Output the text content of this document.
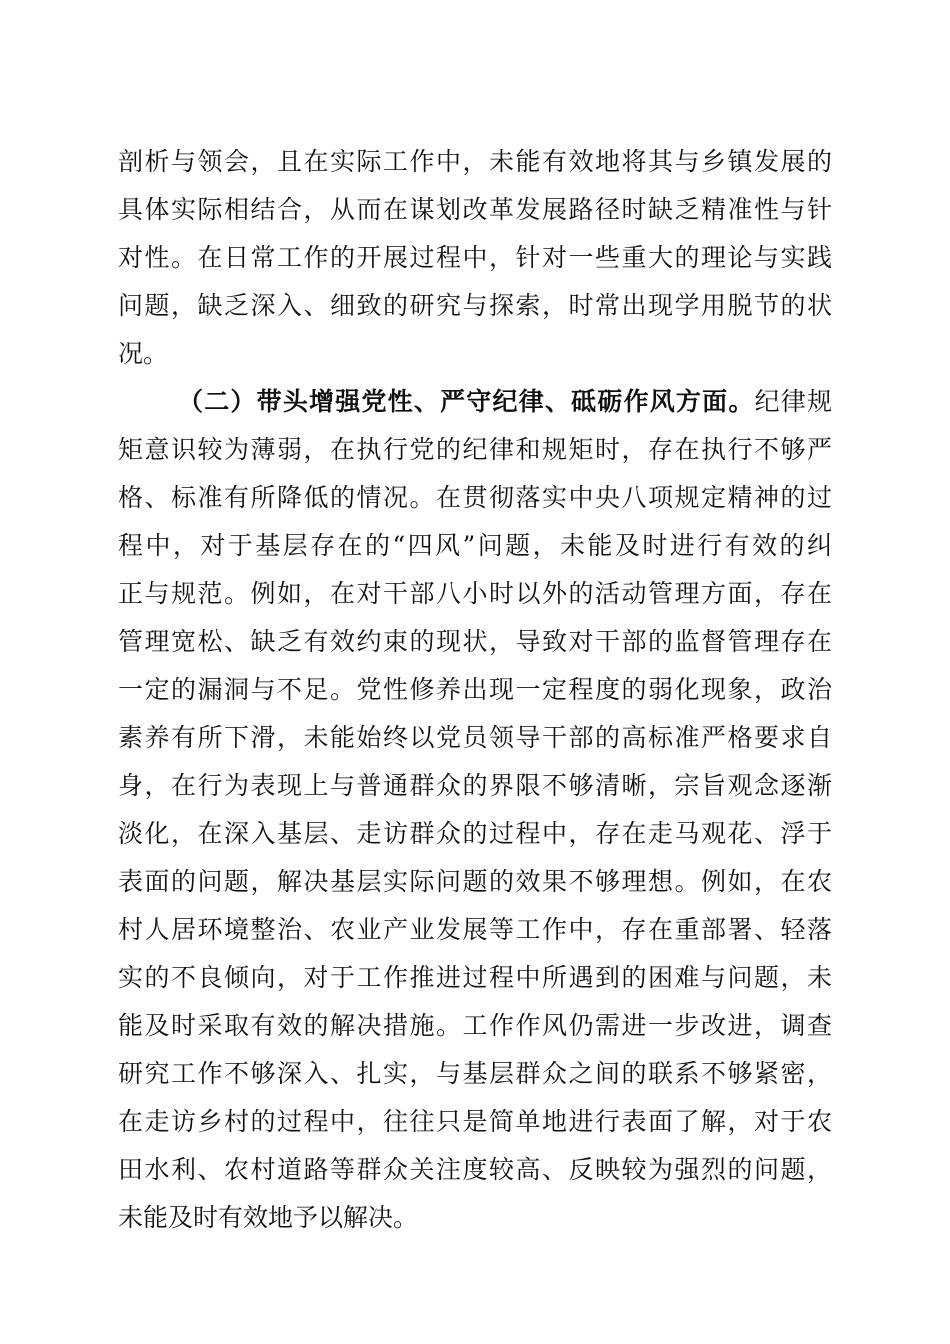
剖析与领会，且在实际工作中，未能有效地将其与乡镇发展的
具体实际相结合，从而在谋划改革发展路径时缺乏精准性与针
对性。在日常工作的开展过程中，针对一些重大的理论与实践
问题，缺乏深入、细致的研究与探索，时常出现学用脱节的状
况。
（二）带头增强党性、严守纪律、砥砺作风方面。纪律规
矩意识较为薄弱，在执行党的纪律和规矩时，存在执行不够严
格、标准有所降低的情况。在贯彻落实中央八项规定精神的过
程中，对于基层存在的“四风”问题，未能及时进行有效的纠
正与规范。例如，在对干部八小时以外的活动管理方面，存在
管理宽松、缺乏有效约束的现状，导致对干部的监督管理存在
一定的漏洞与不足。党性修养出现一定程度的弱化现象，政治
素养有所下滑，未能始终以党员领导干部的高标准严格要求自
身，在行为表现上与普通群众的界限不够清晰，宗旨观念逐渐
淡化，在深入基层、走访群众的过程中，存在走马观花、浮于
表面的问题，解决基层实际问题的效果不够理想。例如，在农
村人居环境整治、农业产业发展等工作中，存在重部署、轻落
实的不良倾向，对于工作推进过程中所遇到的困难与问题，未
能及时采取有效的解决措施。工作作风仍需进一步改进，调查
研究工作不够深入、扎实，与基层群众之间的联系不够紧密，
在走访乡村的过程中，往往只是简单地进行表面了解，对于农
田水利、农村道路等群众关注度较高、反映较为强烈的问题，
未能及时有效地予以解决。
